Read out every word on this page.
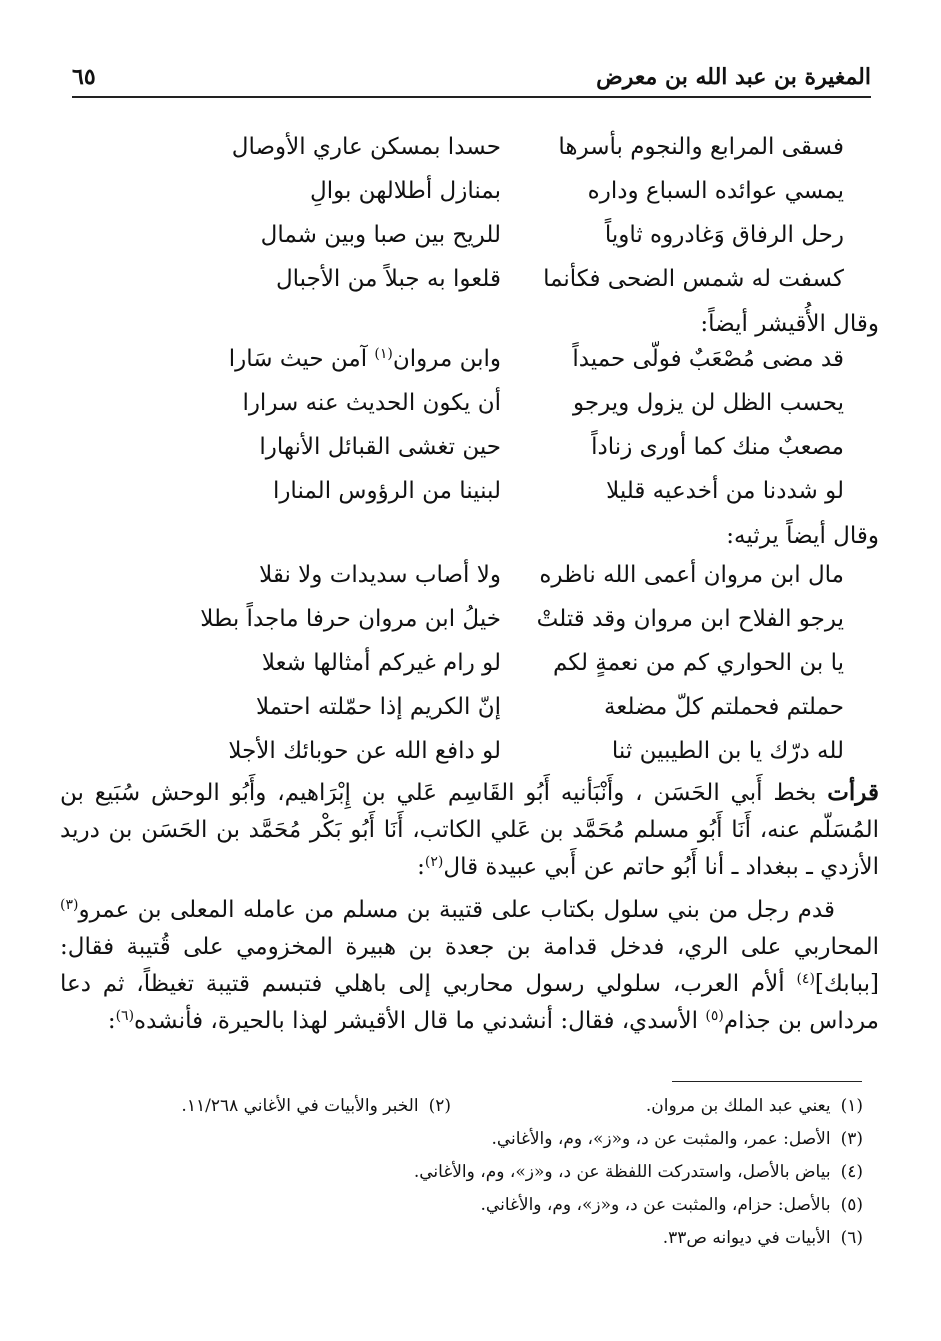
المغيرة بن عبد الله بن معرض
٦٥
فسقى المرابع والنجوم بأسرها
حسدا بمسكن عاري الأوصال
يمسي عوائده السباع وداره
بمنازل أطلالهن بوالِ
رحل الرفاق وَغادروه ثاوياً
للريح بين صبا وبين شمال
كسفت له شمس الضحى فكأنما
قلعوا به جبلاً من الأجبال
وقال الأُقيشر أيضاً:
قد مضى مُصْعَبٌ فولّى حميداً
وابن مروان$^{(١)}$ آمن حيث سَارا
يحسب الظل لن يزول ويرجو
أن يكون الحديث عنه سرارا
مصعبٌ منك كما أورى زناداً
حين تغشى القبائل الأنهارا
لو شددنا من أخدعيه قليلا
لبنينا من الرؤوس المنارا
وقال أيضاً يرثيه:
مال ابن مروان أعمى الله ناظره
ولا أصاب سديدات ولا نقلا
يرجو الفلاح ابن مروان وقد قتلتْ
خيلُ ابن مروان حرفا ماجداً بطلا
يا بن الحواري كم من نعمةٍ لكم
لو رام غيركم أمثالها شعلا
حملتم فحملتم كلّ مضلعة
إنّ الكريم إذا حمّلته احتملا
لله درّك يا بن الطيبين ثنا
لو دافع الله عن حوبائك الأجلا

قرأت بخط أَبي الحَسَن ، وأَنْبَأنيه أَبُو القَاسِم عَلي بن إِبْرَاهيم، وأَبُو الوحش سُبَيع بن المُسَلّم عنه، أَنَا أَبُو مسلم مُحَمَّد بن عَلي الكاتب، أَنَا أَبُو بَكْر مُحَمَّد بن الحَسَن بن دريد الأزدي ـ ببغداد ـ أنا أَبُو حاتم عن أَبي عبيدة قال$^{(٢)}$:

قدم رجل من بني سلول بكتاب على قتيبة بن مسلم من عامله المعلى بن عمرو$^{(٣)}$ المحاربي على الري، فدخل قدامة بن جعدة بن هبيرة المخزومي على قُتيبة فقال: [ببابك]$^{(٤)}$ ألأم العرب، سلولي رسول محاربي إلى باهلي فتبسم قتيبة تغيظاً، ثم دعا مرداس بن جذام$^{(٥)}$ الأسدي، فقال: أنشدني ما قال الأقيشر لهذا بالحيرة، فأنشده$^{(٦)}$:

(١)يعني عبد الملك بن مروان.
(٢)الخبر والأبيات في الأغاني ١١/٢٦٨.
(٣)الأصل: عمر، والمثبت عن د، و«ز»، وم، والأغاني.
(٤)بياض بالأصل، واستدركت اللفظة عن د، و«ز»، وم، والأغاني.
(٥)بالأصل: حزام، والمثبت عن د، و«ز»، وم، والأغاني.
(٦)الأبيات في ديوانه ص٣٣.
